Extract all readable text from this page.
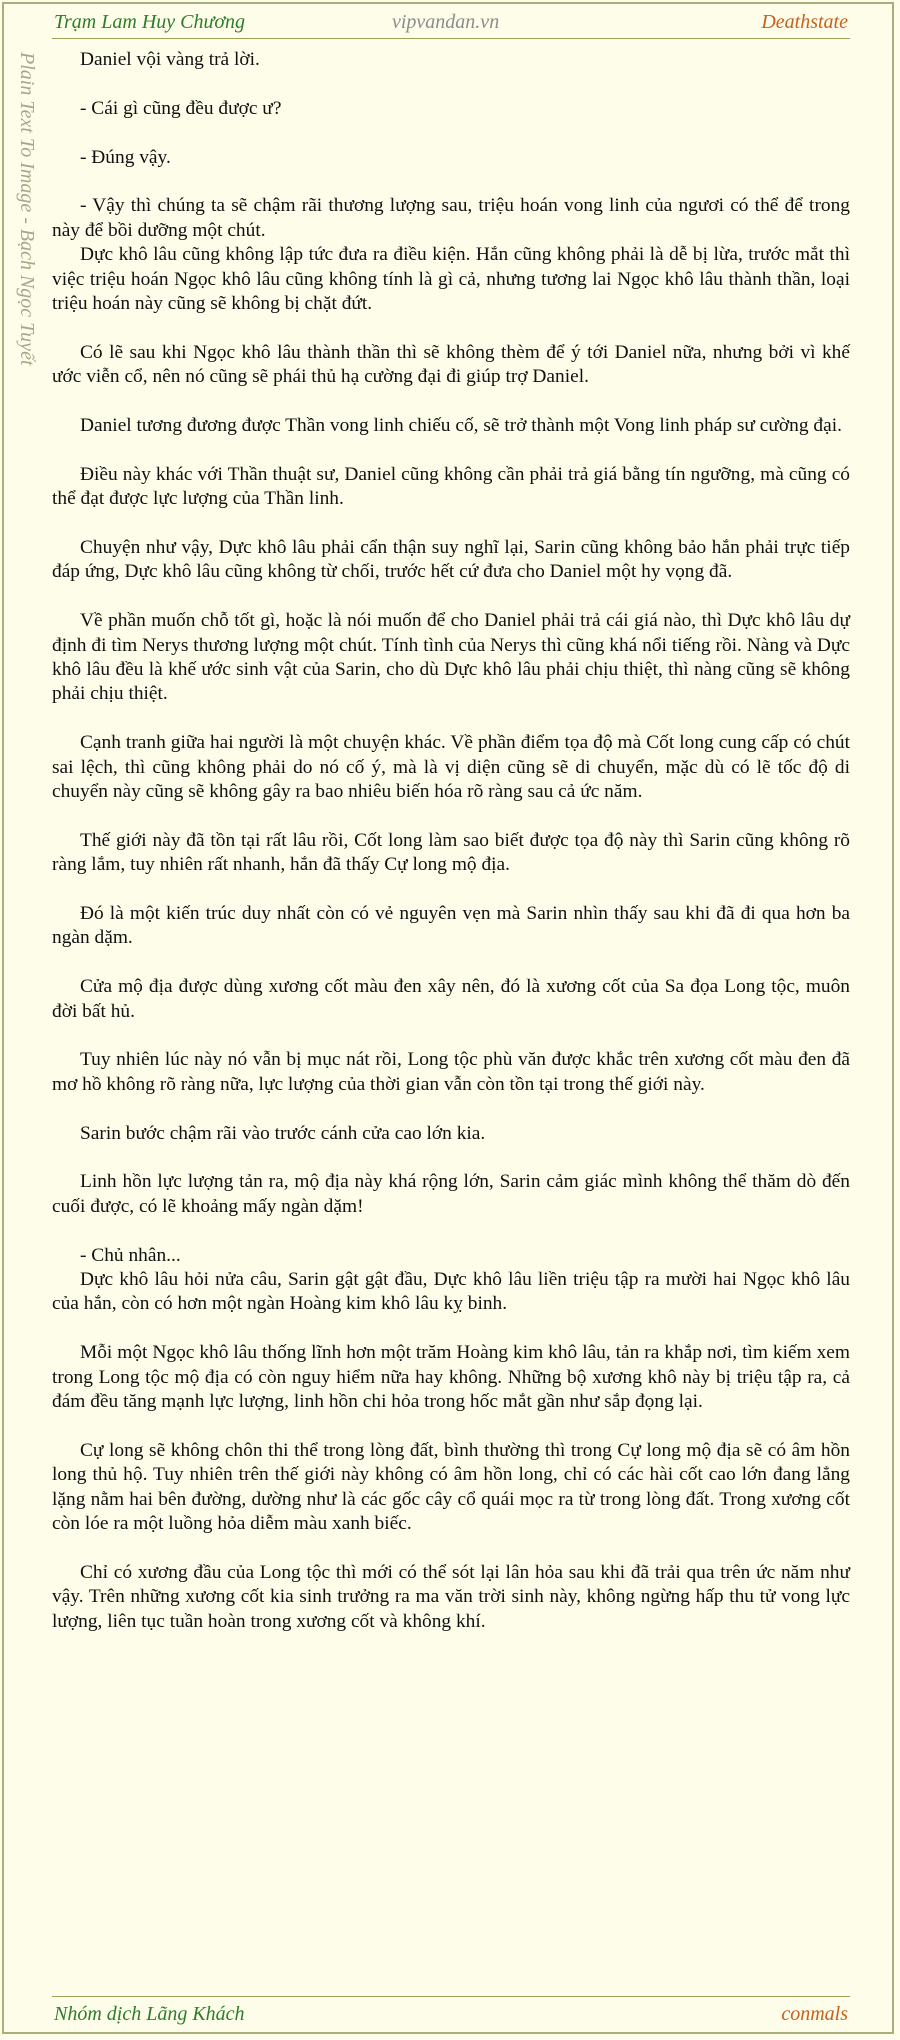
Trạm Lam Huy Chương	vipvandan.vn	Deathstate
Plain Text To Image - Bạch Ngọc Tuyết	Daniel vội vàng trả lời.

- Cái gì cũng đều được ư?

- Đúng vậy.

- Vậy thì chúng ta sẽ chậm rãi thương lượng sau, triệu hoán vong linh của ngươi có thể để trong này để bồi dưỡng một chút.

Dực khô lâu cũng không lập tức đưa ra điều kiện. Hắn cũng không phải là dễ bị lừa, trước mắt thì việc triệu hoán Ngọc khô lâu cũng không tính là gì cả, nhưng tương lai Ngọc khô lâu thành thần, loại triệu hoán này cũng sẽ không bị chặt đứt.

Có lẽ sau khi Ngọc khô lâu thành thần thì sẽ không thèm để ý tới Daniel nữa, nhưng bởi vì khế ước viễn cổ, nên nó cũng sẽ phái thủ hạ cường đại đi giúp trợ Daniel.

Daniel tương đương được Thần vong linh chiếu cố, sẽ trở thành một Vong linh pháp sư cường đại.

Điều này khác với Thần thuật sư, Daniel cũng không cần phải trả giá bằng tín ngưỡng, mà cũng có thể đạt được lực lượng của Thần linh.

Chuyện như vậy, Dực khô lâu phải cẩn thận suy nghĩ lại, Sarin cũng không bảo hắn phải trực tiếp đáp ứng, Dực khô lâu cũng không từ chối, trước hết cứ đưa cho Daniel một hy vọng đã.

Về phần muốn chỗ tốt gì, hoặc là nói muốn để cho Daniel phải trả cái giá nào, thì Dực khô lâu dự định đi tìm Nerys thương lượng một chút. Tính tình của Nerys thì cũng khá nổi tiếng rồi. Nàng và Dực khô lâu đều là khế ước sinh vật của Sarin, cho dù Dực khô lâu phải chịu thiệt, thì nàng cũng sẽ không phải chịu thiệt.

Cạnh tranh giữa hai người là một chuyện khác. Về phần điểm tọa độ mà Cốt long cung cấp có chút sai lệch, thì cũng không phải do nó cố ý, mà là vị diện cũng sẽ di chuyển, mặc dù có lẽ tốc độ di chuyển này cũng sẽ không gây ra bao nhiêu biến hóa rõ ràng sau cả ức năm.

Thế giới này đã tồn tại rất lâu rồi, Cốt long làm sao biết được tọa độ này thì Sarin cũng không rõ ràng lắm, tuy nhiên rất nhanh, hắn đã thấy Cự long mộ địa.

Đó là một kiến trúc duy nhất còn có vẻ nguyên vẹn mà Sarin nhìn thấy sau khi đã đi qua hơn ba ngàn dặm.

Cửa mộ địa được dùng xương cốt màu đen xây nên, đó là xương cốt của Sa đọa Long tộc, muôn đời bất hủ.

Tuy nhiên lúc này nó vẫn bị mục nát rồi, Long tộc phù văn được khắc trên xương cốt màu đen đã mơ hồ không rõ ràng nữa, lực lượng của thời gian vẫn còn tồn tại trong thế giới này.

Sarin bước chậm rãi vào trước cánh cửa cao lớn kia.

Linh hồn lực lượng tản ra, mộ địa này khá rộng lớn, Sarin cảm giác mình không thể thăm dò đến cuối được, có lẽ khoảng mấy ngàn dặm!

- Chủ nhân...

Dực khô lâu hỏi nửa câu, Sarin gật gật đầu, Dực khô lâu liền triệu tập ra mười hai Ngọc khô lâu của hắn, còn có hơn một ngàn Hoàng kim khô lâu kỵ binh.

Mỗi một Ngọc khô lâu thống lĩnh hơn một trăm Hoàng kim khô lâu, tản ra khắp nơi, tìm kiếm xem trong Long tộc mộ địa có còn nguy hiểm nữa hay không. Những bộ xương khô này bị triệu tập ra, cả đám đều tăng mạnh lực lượng, linh hồn chi hỏa trong hốc mắt gần như sắp đọng lại.

Cự long sẽ không chôn thi thể trong lòng đất, bình thường thì trong Cự long mộ địa sẽ có âm hồn long thủ hộ. Tuy nhiên trên thế giới này không có âm hồn long, chỉ có các hài cốt cao lớn đang lẳng lặng nằm hai bên đường, dường như là các gốc cây cổ quái mọc ra từ trong lòng đất. Trong xương cốt còn lóe ra một luồng hỏa diễm màu xanh biếc.

Chỉ có xương đầu của Long tộc thì mới có thể sót lại lân hỏa sau khi đã trải qua trên ức năm như vậy. Trên những xương cốt kia sinh trưởng ra ma văn trời sinh này, không ngừng hấp thu tử vong lực lượng, liên tục tuần hoàn trong xương cốt và không khí.

Nhóm dịch Lãng Khách	conmals
